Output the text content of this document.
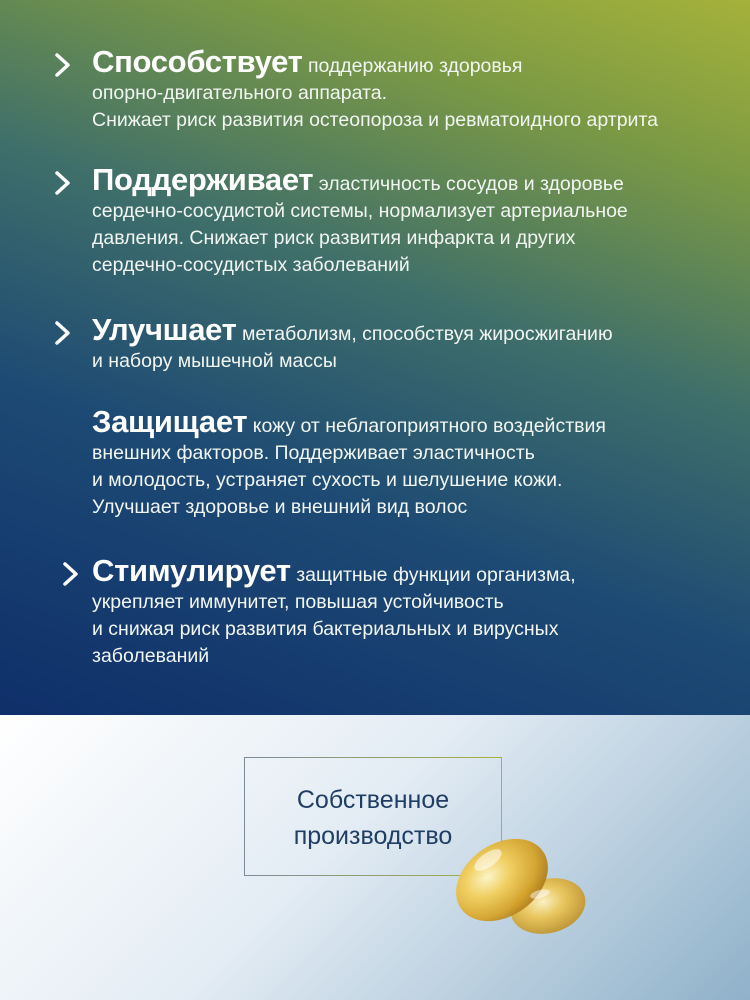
Способствует поддержанию здоровья

опорно-двигательного аппарата.

Снижает риск развития остеопороза и ревматоидного артрита

Поддерживает эластичность сосудов и здоровье

сердечно-сосудистой системы, нормализует артериальное

давления. Снижает риск развития инфаркта и других

сердечно-сосудистых заболеваний

Улучшает метаболизм, способствуя жиросжиганию

и набору мышечной массы

Защищает кожу от неблагоприятного воздействия

внешних факторов. Поддерживает эластичность

и молодость, устраняет сухость и шелушение кожи.

Улучшает здоровье и внешний вид волос

Стимулирует защитные функции организма,

укрепляет иммунитет, повышая устойчивость

и снижая риск развития бактериальных и вирусных

заболеваний

Собственное
производство
